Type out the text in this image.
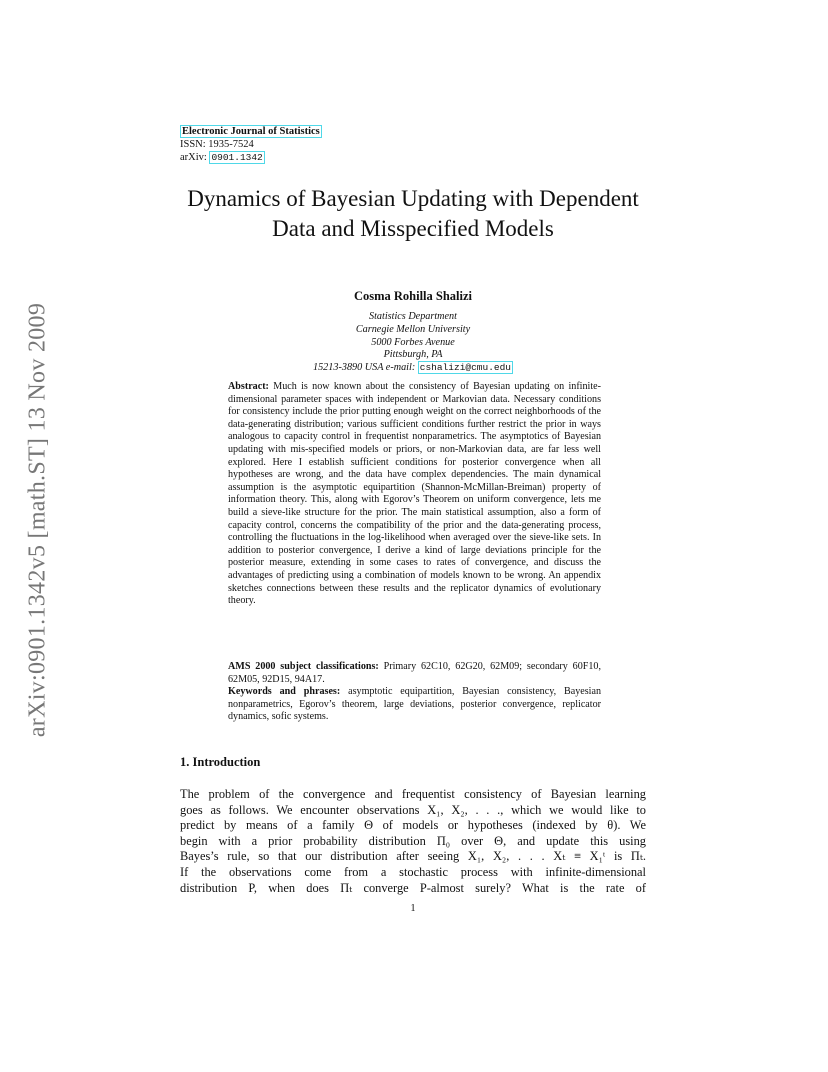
arXiv:0901.1342v5 [math.ST] 13 Nov 2009
Electronic Journal of Statistics
ISSN: 1935-7524
arXiv: 0901.1342
Dynamics of Bayesian Updating with Dependent Data and Misspecified Models
Cosma Rohilla Shalizi
Statistics Department
Carnegie Mellon University
5000 Forbes Avenue
Pittsburgh, PA
15213-3890 USA e-mail: cshalizi@cmu.edu
Abstract: Much is now known about the consistency of Bayesian updating on infinite-dimensional parameter spaces with independent or Markovian data. Necessary conditions for consistency include the prior putting enough weight on the correct neighborhoods of the data-generating distribution; various sufficient conditions further restrict the prior in ways analogous to capacity control in frequentist nonparametrics. The asymptotics of Bayesian updating with mis-specified models or priors, or non-Markovian data, are far less well explored. Here I establish sufficient conditions for posterior convergence when all hypotheses are wrong, and the data have complex dependencies. The main dynamical assumption is the asymptotic equipartition (Shannon-McMillan-Breiman) property of information theory. This, along with Egorov’s Theorem on uniform convergence, lets me build a sieve-like structure for the prior. The main statistical assumption, also a form of capacity control, concerns the compatibility of the prior and the data-generating process, controlling the fluctuations in the log-likelihood when averaged over the sieve-like sets. In addition to posterior convergence, I derive a kind of large deviations principle for the posterior measure, extending in some cases to rates of convergence, and discuss the advantages of predicting using a combination of models known to be wrong. An appendix sketches connections between these results and the replicator dynamics of evolutionary theory.

AMS 2000 subject classifications: Primary 62C10, 62G20, 62M09; secondary 60F10, 62M05, 92D15, 94A17.

Keywords and phrases: asymptotic equipartition, Bayesian consistency, Bayesian nonparametrics, Egorov’s theorem, large deviations, posterior convergence, replicator dynamics, sofic systems.

1. Introduction
The problem of the convergence and frequentist consistency of Bayesian learning
goes as follows. We encounter observations X₁, X₂, . . ., which we would like to
predict by means of a family Θ of models or hypotheses (indexed by θ). We
begin with a prior probability distribution Π₀ over Θ, and update this using
Bayes’s rule, so that our distribution after seeing X₁, X₂, . . . Xₜ ≡ X₁ᵗ is Πₜ.
If the observations come from a stochastic process with infinite-dimensional
distribution P, when does Πₜ converge P-almost surely? What is the rate of
1
